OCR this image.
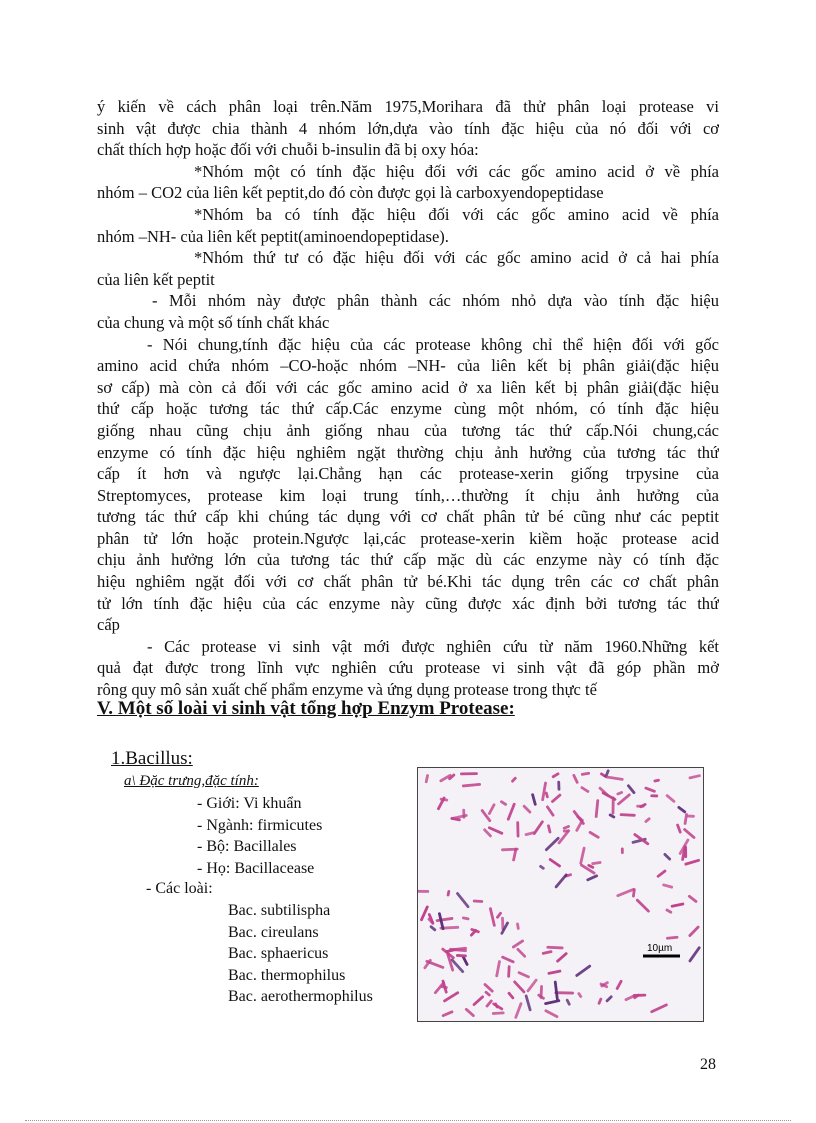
ý kiến về cách phân loại trên.Năm 1975,Morihara đã thử phân loại protease vi
sinh vật được chia thành 4 nhóm lớn,dựa vào tính đặc hiệu của nó đối với cơ
chất thích hợp hoặc đối với chuỗi b-insulin đã bị oxy hóa:
*Nhóm một có tính đặc hiệu đối với các gốc amino acid ở về phía
nhóm – CO2 của liên kết peptit,do đó còn được gọi là carboxyendopeptidase
*Nhóm ba có tính đặc hiệu đối với các gốc amino acid về phía
nhóm –NH- của liên kết peptit(aminoendopeptidase).
*Nhóm thứ tư có đặc hiệu đối với các gốc amino acid ở cả hai phía
của liên kết peptit
- Mỗi nhóm này được phân thành các nhóm nhỏ dựa vào tính đặc hiệu
của chung và một số tính chất khác
- Nói chung,tính đặc hiệu của các protease không chỉ thể hiện đối với gốc
amino acid chứa nhóm –CO-hoặc nhóm –NH- của liên kết bị phân giải(đặc hiệu
sơ cấp) mà còn cả đối với các gốc amino acid ở xa liên kết bị phân giải(đặc hiệu
thứ cấp hoặc tương tác thứ cấp.Các enzyme cùng một nhóm, có tính đặc hiệu
giống nhau cũng chịu ảnh giống nhau của tương tác thứ cấp.Nói chung,các
enzyme có tính đặc hiệu nghiêm ngặt thường chịu ảnh hưởng của tương tác thứ
cấp ít hơn và ngược lại.Chẳng hạn các protease-xerin giống trpysine của
Streptomyces, protease kim loại trung tính,…thường ít chịu ảnh hưởng của
tương tác thứ cấp khi chúng tác dụng với cơ chất phân tử bé cũng như các peptit
phân tử lớn hoặc protein.Ngược lại,các protease-xerin kiềm hoặc protease acid
chịu ảnh hưởng lớn của tương tác thứ cấp mặc dù các enzyme này có tính đặc
hiệu nghiêm ngặt đối với cơ chất phân tử bé.Khi tác dụng trên các cơ chất phân
tử lớn tính đặc hiệu của các enzyme này cũng được xác định bởi tương tác thứ
cấp
- Các protease vi sinh vật mới được nghiên cứu từ năm 1960.Những kết
quả đạt được trong lĩnh vực nghiên cứu protease vi sinh vật đã góp phần mở
rông quy mô sản xuất chế phẩm enzyme và ứng dụng protease trong thực tế
V. Một số loài vi sinh vật tổng hợp Enzym Protease:
1.Bacillus:
a\ Đặc trưng,đặc tính:
- Giới: Vi khuẩn
- Ngành: firmicutes
- Bộ: Bacillales
- Họ: Bacillacease
- Các loài:
Bac. subtilispha
Bac. cireulans
Bac. sphaericus
Bac. thermophilus
Bac. aerothermophilus
10µm
28
